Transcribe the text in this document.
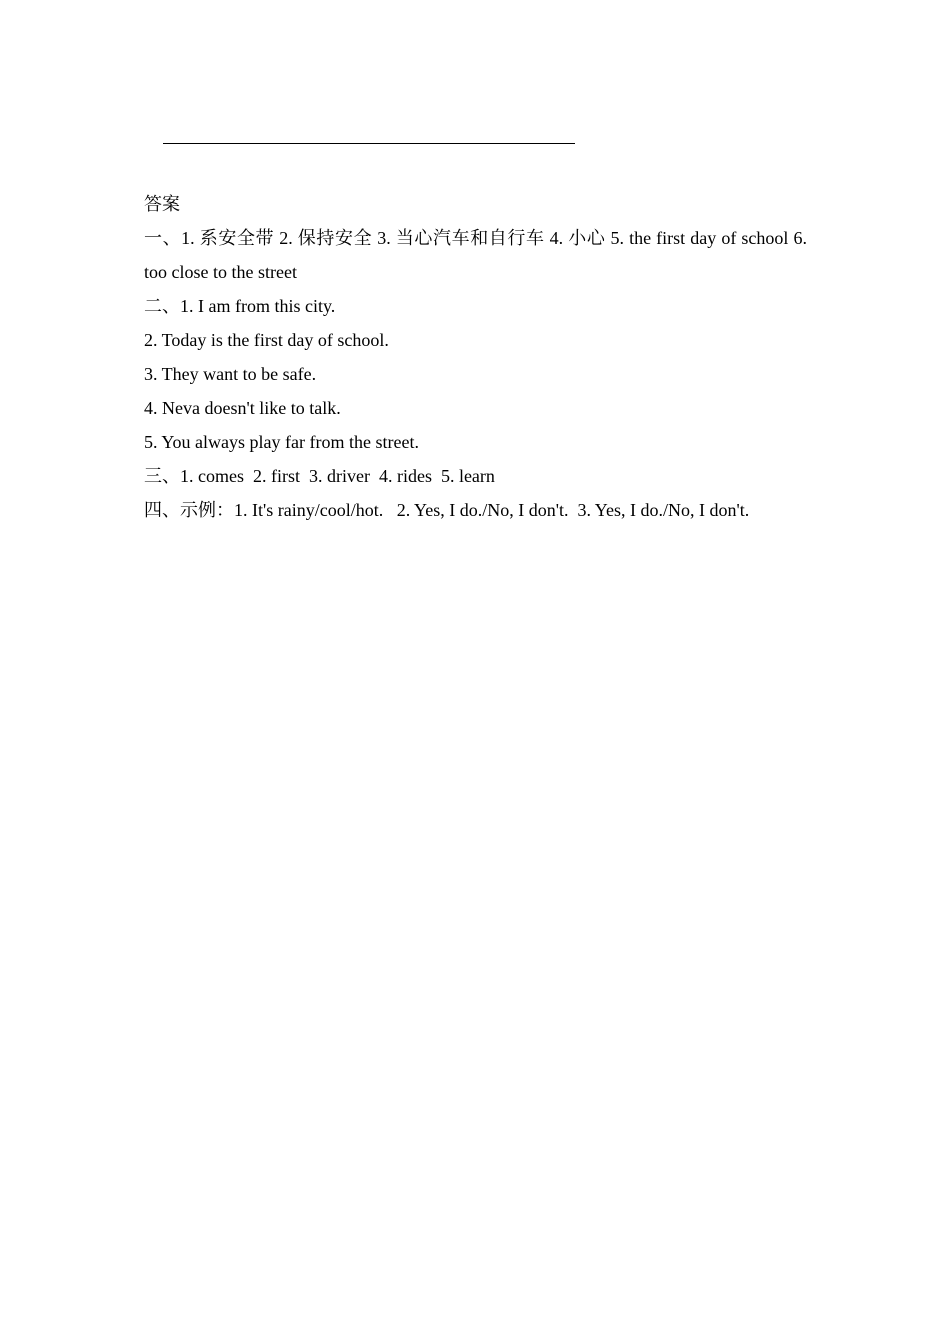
答案
一、1. 系安全带 2. 保持安全 3. 当心汽车和自行车 4. 小心 5. the first day of school 6. too close to the street
二、1. I am from this city.
2. Today is the first day of school.
3. They want to be safe.
4. Neva doesn't like to talk.
5. You always play far from the street.
三、1. comes  2. first  3. driver  4. rides  5. learn
四、示例：1. It's rainy/cool/hot.   2. Yes, I do./No, I don't.  3. Yes, I do./No, I don't.
